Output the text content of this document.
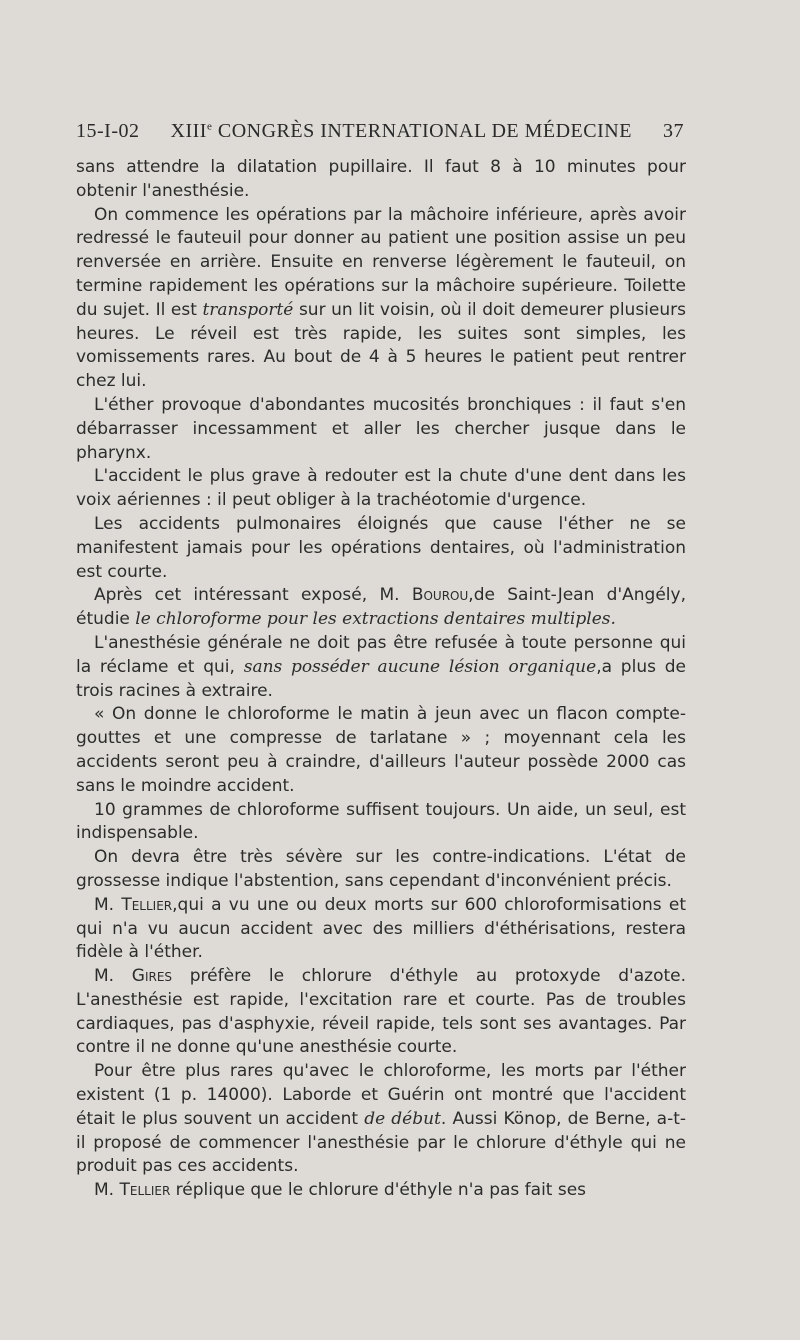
15-I-02 XIIIe CONGRÈS INTERNATIONAL DE MÉDECINE 37

sans attendre la dilatation pupillaire. Il faut 8 à 10 minutes pour obtenir l'anesthésie.

On commence les opérations par la mâchoire inférieure, après avoir redressé le fauteuil pour donner au patient une position assise un peu renversée en arrière. Ensuite en renverse légèrement le fauteuil, on termine rapidement les opérations sur la mâchoire supérieure. Toilette du sujet. Il est transporté sur un lit voisin, où il doit demeurer plusieurs heures. Le réveil est très rapide, les suites sont simples, les vomissements rares. Au bout de 4 à 5 heures le patient peut rentrer chez lui.

L'éther provoque d'abondantes mucosités bronchiques : il faut s'en débarrasser incessamment et aller les chercher jusque dans le pharynx.

L'accident le plus grave à redouter est la chute d'une dent dans les voix aériennes : il peut obliger à la trachéotomie d'urgence.

Les accidents pulmonaires éloignés que cause l'éther ne se manifestent jamais pour les opérations dentaires, où l'administration est courte.

Après cet intéressant exposé, M. Bourou,de Saint-Jean d'Angély, étudie le chloroforme pour les extractions dentaires multiples.

L'anesthésie générale ne doit pas être refusée à toute personne qui la réclame et qui, sans posséder aucune lésion organique,a plus de trois racines à extraire.

« On donne le chloroforme le matin à jeun avec un flacon compte-gouttes et une compresse de tarlatane » ; moyennant cela les accidents seront peu à craindre, d'ailleurs l'auteur possède 2000 cas sans le moindre accident.

10 grammes de chloroforme suffisent toujours. Un aide, un seul, est indispensable.

On devra être très sévère sur les contre-indications. L'état de grossesse indique l'abstention, sans cependant d'inconvénient précis.

M. Tellier,qui a vu une ou deux morts sur 600 chloroformisations et qui n'a vu aucun accident avec des milliers d'éthérisations, restera fidèle à l'éther.

M. Gires préfère le chlorure d'éthyle au protoxyde d'azote. L'anesthésie est rapide, l'excitation rare et courte. Pas de troubles cardiaques, pas d'asphyxie, réveil rapide, tels sont ses avantages. Par contre il ne donne qu'une anesthésie courte.

Pour être plus rares qu'avec le chloroforme, les morts par l'éther existent (1 p. 14000). Laborde et Guérin ont montré que l'accident était le plus souvent un accident de début. Aussi Könop, de Berne, a-t-il proposé de commencer l'anesthésie par le chlorure d'éthyle qui ne produit pas ces accidents.

M. Tellier réplique que le chlorure d'éthyle n'a pas fait ses
